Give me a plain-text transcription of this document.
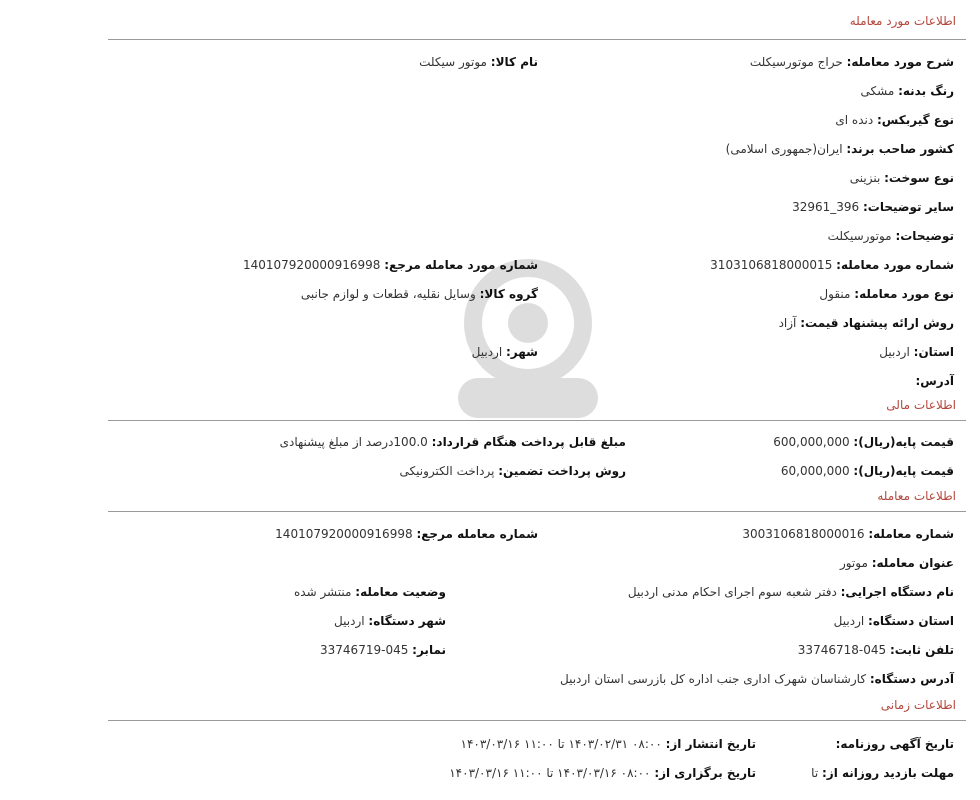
اطلاعات مورد معامله
شرح مورد معامله: حراج موتورسیکلت
نام کالا: موتور سیکلت
رنگ بدنه: مشکی
نوع گیربکس: دنده ای
کشور صاحب برند: ایران(جمهوری اسلامی)
نوع سوخت: بنزینی
سایر توضیحات: 396_32961
توضیحات: موتورسیکلت
شماره مورد معامله: 3103106818000015
شماره مورد معامله مرجع: 140107920000916998
نوع مورد معامله: منقول
گروه کالا: وسایل نقلیه، قطعات و لوازم جانبی
روش ارائه پیشنهاد قیمت: آزاد
استان: اردبیل
شهر: اردبیل
آدرس:
اطلاعات مالی
قیمت پایه(ریال): 600,000,000
مبلغ قابل پرداخت هنگام قرارداد: 100.0درصد از مبلغ پیشنهادی
قیمت پایه(ریال): 60,000,000
روش پرداخت تضمین: پرداخت الکترونیکی
اطلاعات معامله
شماره معامله: 3003106818000016
شماره معامله مرجع: 140107920000916998
عنوان معامله: موتور
نام دستگاه اجرایی: دفتر شعبه سوم اجرای احکام مدنی اردبیل
وضعیت معامله: منتشر شده
استان دستگاه: اردبیل
شهر دستگاه: اردبیل
تلفن ثابت: 045-33746718
نمابر: 045-33746719
آدرس دستگاه: کارشناسان شهرک اداری جنب اداره کل بازرسی استان اردبیل
اطلاعات زمانی
تاریخ آگهی روزنامه:
تاریخ انتشار از: ۰۸:۰۰ ۱۴۰۳/۰۲/۳۱ تا ۱۱:۰۰ ۱۴۰۳/۰۳/۱۶
مهلت بازدید روزانه از: تا
تاریخ برگزاری از: ۰۸:۰۰ ۱۴۰۳/۰۳/۱۶ تا ۱۱:۰۰ ۱۴۰۳/۰۳/۱۶
